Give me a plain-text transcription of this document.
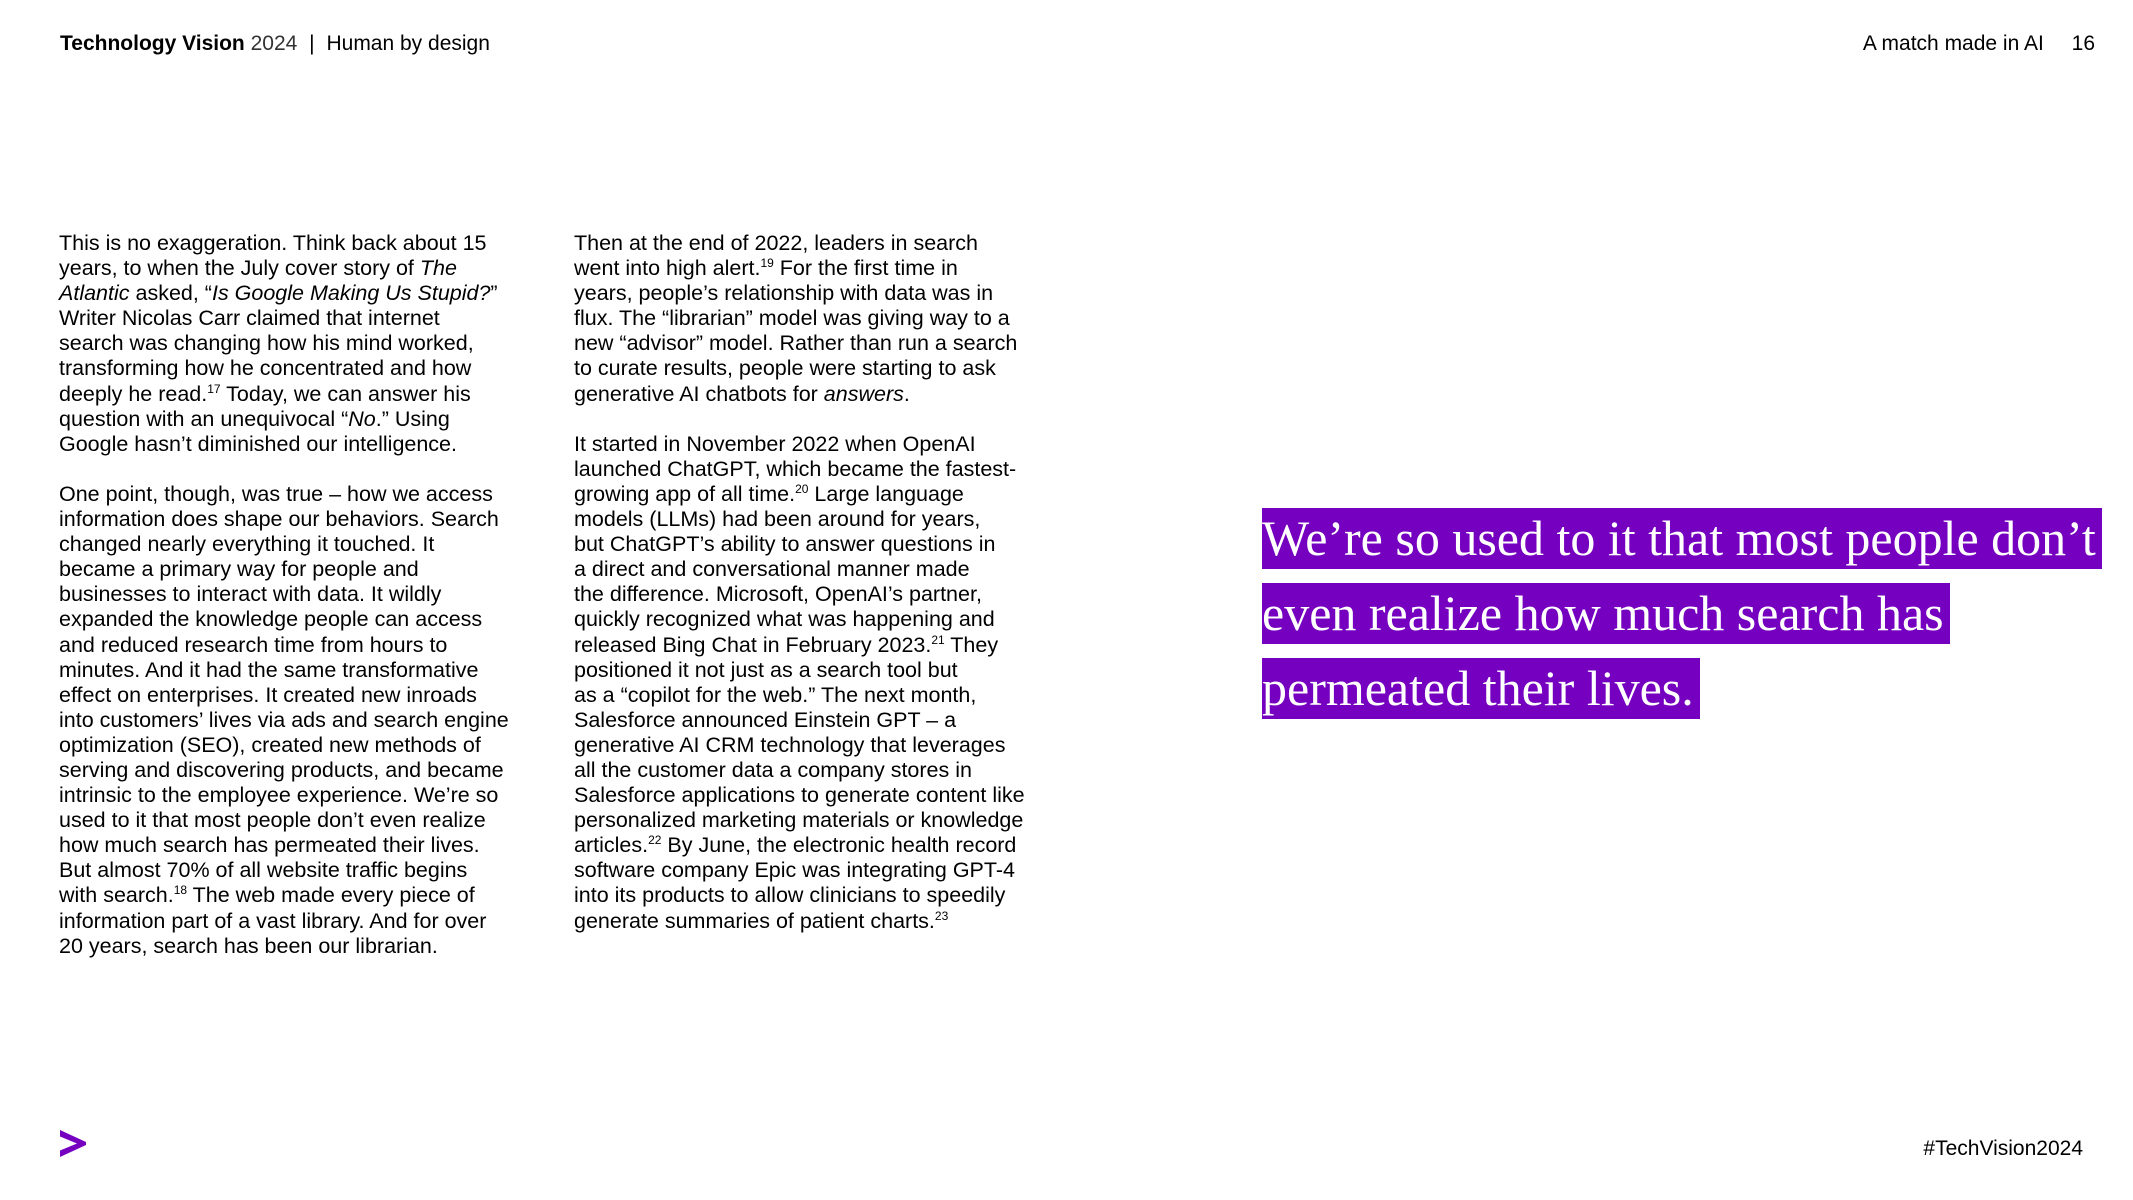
Technology Vision 2024 | Human by design	A match made in AI 16

This is no exaggeration. Think back about 15
years, to when the July cover story of The
Atlantic asked, “Is Google Making Us Stupid?”
Writer Nicolas Carr claimed that internet
search was changing how his mind worked,
transforming how he concentrated and how
deeply he read.$^{17}$ Today, we can answer his
question with an unequivocal “No.” Using
Google hasn’t diminished our intelligence.

One point, though, was true – how we access
information does shape our behaviors. Search
changed nearly everything it touched. It
became a primary way for people and
businesses to interact with data. It wildly
expanded the knowledge people can access
and reduced research time from hours to
minutes. And it had the same transformative
effect on enterprises. It created new inroads
into customers’ lives via ads and search engine
optimization (SEO), created new methods of
serving and discovering products, and became
intrinsic to the employee experience. We’re so
used to it that most people don’t even realize
how much search has permeated their lives.
But almost 70% of all website traffic begins
with search.$^{18}$ The web made every piece of
information part of a vast library. And for over
20 years, search has been our librarian.

Then at the end of 2022, leaders in search
went into high alert.$^{19}$ For the first time in
years, people’s relationship with data was in
flux. The “librarian” model was giving way to a
new “advisor” model. Rather than run a search
to curate results, people were starting to ask
generative AI chatbots for answers.

It started in November 2022 when OpenAI
launched ChatGPT, which became the fastest-
growing app of all time.$^{20}$ Large language
models (LLMs) had been around for years,
but ChatGPT’s ability to answer questions in
a direct and conversational manner made
the difference. Microsoft, OpenAI’s partner,
quickly recognized what was happening and
released Bing Chat in February 2023.21 They
positioned it not just as a search tool but
as a “copilot for the web.” The next month,
Salesforce announced Einstein GPT – a
generative AI CRM technology that leverages
all the customer data a company stores in
Salesforce applications to generate content like
personalized marketing materials or knowledge
articles.$^{22}$ By June, the electronic health record
software company Epic was integrating GPT-4
into its products to allow clinicians to speedily
generate summaries of patient charts.$^{23}$

We’re so used to it that most people don’t
even realize how much search has
permeated their lives.
#TechVision2024
